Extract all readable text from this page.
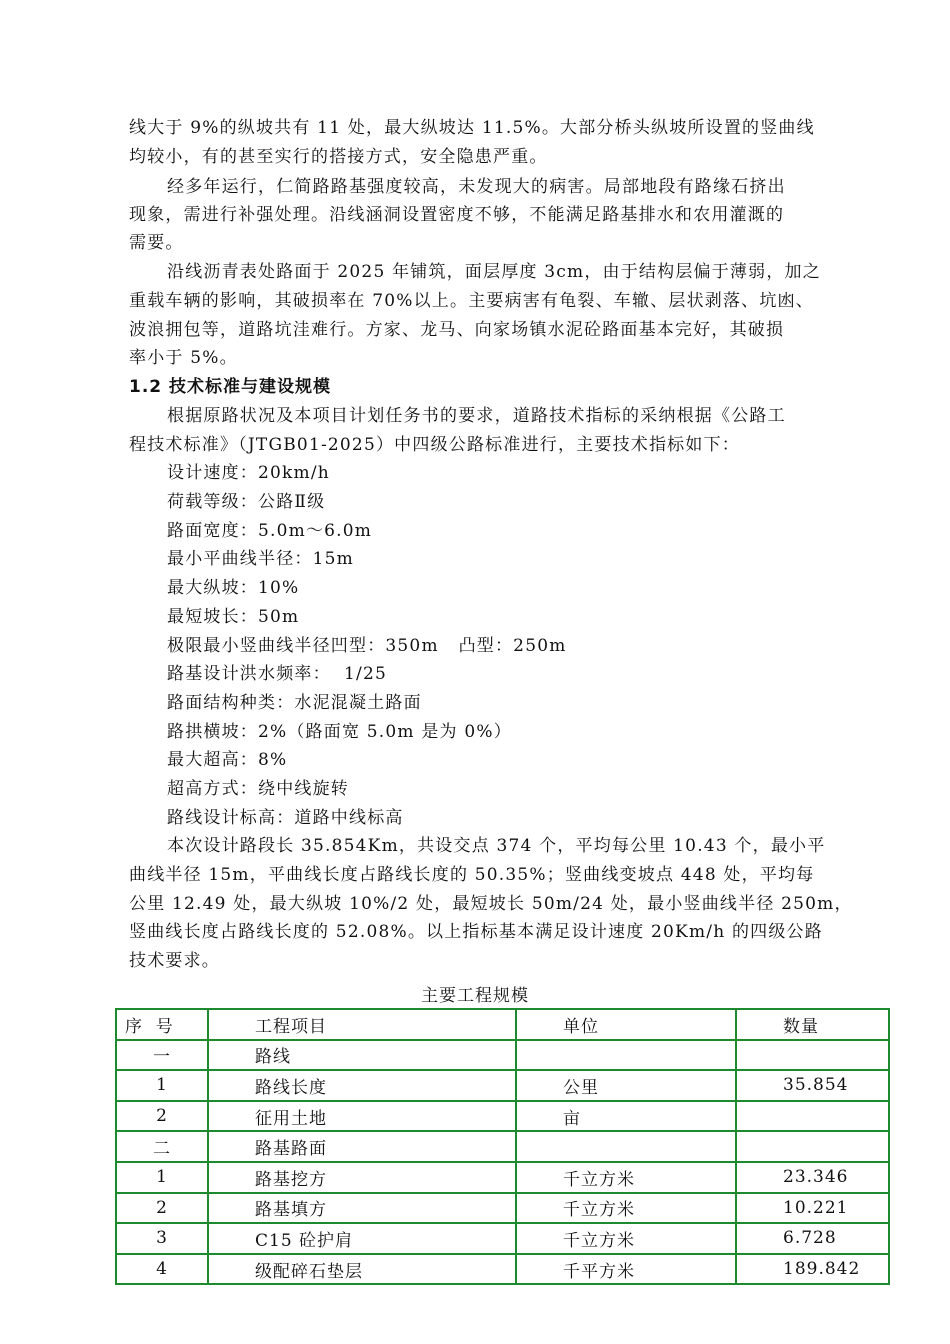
线大于 9%的纵坡共有 11 处，最大纵坡达 11.5%。大部分桥头纵坡所设置的竖曲线
均较小，有的甚至实行的搭接方式，安全隐患严重。
经多年运行，仁简路路基强度较高，未发现大的病害。局部地段有路缘石挤出
现象，需进行补强处理。沿线涵洞设置密度不够，不能满足路基排水和农用灌溉的
需要。
沿线沥青表处路面于 2025 年铺筑，面层厚度 3cm，由于结构层偏于薄弱，加之
重载车辆的影响，其破损率在 70%以上。主要病害有龟裂、车辙、层状剥落、坑凼、
波浪拥包等，道路坑洼难行。方家、龙马、向家场镇水泥砼路面基本完好，其破损
率小于 5%。
1.2 技术标准与建设规模
根据原路状况及本项目计划任务书的要求，道路技术指标的采纳根据《公路工
程技术标准》（JTGB01-2025）中四级公路标准进行，主要技术指标如下：
设计速度：20km/h
荷载等级：公路Ⅱ级
路面宽度：5.0m～6.0m
最小平曲线半径：15m
最大纵坡：10%
最短坡长：50m
极限最小竖曲线半径凹型：350m   凸型：250m
路基设计洪水频率：  1/25
路面结构种类：水泥混凝土路面
路拱横坡：2%（路面宽 5.0m 是为 0%）
最大超高：8%
超高方式：绕中线旋转
路线设计标高：道路中线标高
本次设计路段长 35.854Km，共设交点 374 个，平均每公里 10.43 个，最小平
曲线半径 15m，平曲线长度占路线长度的 50.35%；竖曲线变坡点 448 处，平均每
公里 12.49 处，最大纵坡 10%/2 处，最短坡长 50m/24 处，最小竖曲线半径 250m，
竖曲线长度占路线长度的 52.08%。以上指标基本满足设计速度 20Km/h 的四级公路
技术要求。
主要工程规模
序  号	工程项目	单位	数量
一	路线		
1	路线长度	公里	35.854
2	征用土地	亩	
二	路基路面		
1	路基挖方	千立方米	23.346
2	路基填方	千立方米	10.221
3	C15 砼护肩	千立方米	6.728
4	级配碎石垫层	千平方米	189.842
